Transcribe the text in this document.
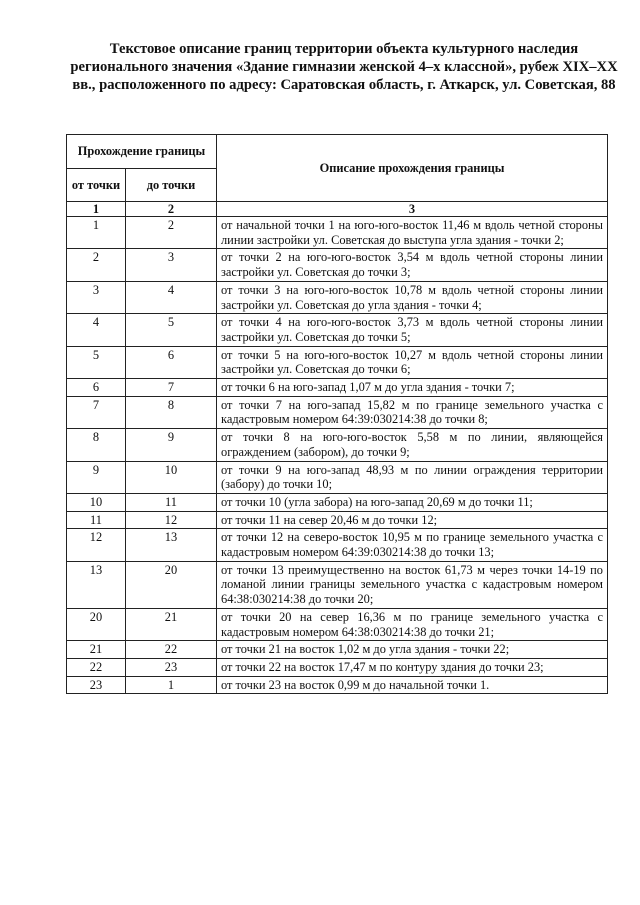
Текстовое описание границ территории объекта культурного наследия регионального значения «Здание гимназии женской 4–х классной», рубеж XIX–XX вв., расположенного по адресу: Саратовская область, г. Аткарск, ул. Советская, 88
Прохождение границы		Описание прохождения границы
от точки	до точки	
1	2	3
1	2	от начальной точки 1 на юго-юго-восток 11,46 м вдоль четной стороны линии застройки ул. Советская до выступа угла здания - точки 2;
2	3	от точки 2 на юго-юго-восток 3,54 м вдоль четной стороны линии застройки ул. Советская до точки 3;
3	4	от точки 3 на юго-юго-восток 10,78 м вдоль четной стороны линии застройки ул. Советская до угла здания - точки 4;
4	5	от точки 4 на юго-юго-восток 3,73 м вдоль четной стороны линии застройки ул. Советская до точки 5;
5	6	от точки 5 на юго-юго-восток 10,27 м вдоль четной стороны линии застройки ул. Советская до точки 6;
6	7	от точки 6 на юго-запад 1,07 м до угла здания - точки 7;
7	8	от точки 7 на юго-запад 15,82 м по границе земельного участка с кадастровым номером 64:39:030214:38 до точки 8;
8	9	от точки 8 на юго-юго-восток 5,58 м по линии, являющейся ограждением (забором), до точки 9;
9	10	от точки 9 на юго-запад 48,93 м по линии ограждения территории (забору) до точки 10;
10	11	от точки 10 (угла забора) на юго-запад 20,69 м до точки 11;
11	12	от точки 11 на север 20,46 м до точки 12;
12	13	от точки 12 на северо-восток 10,95 м по границе земельного участка с кадастровым номером 64:39:030214:38 до точки 13;
13	20	от точки 13 преимущественно на восток 61,73 м через точки 14-19 по ломаной линии границы земельного участка с кадастровым номером 64:38:030214:38 до точки 20;
20	21	от точки 20 на север 16,36 м по границе земельного участка с кадастровым номером 64:38:030214:38 до точки 21;
21	22	от точки 21 на восток 1,02 м до угла здания - точки 22;
22	23	от точки 22 на восток 17,47 м по контуру здания до точки 23;
23	1	от точки 23 на восток 0,99 м до начальной точки 1.
